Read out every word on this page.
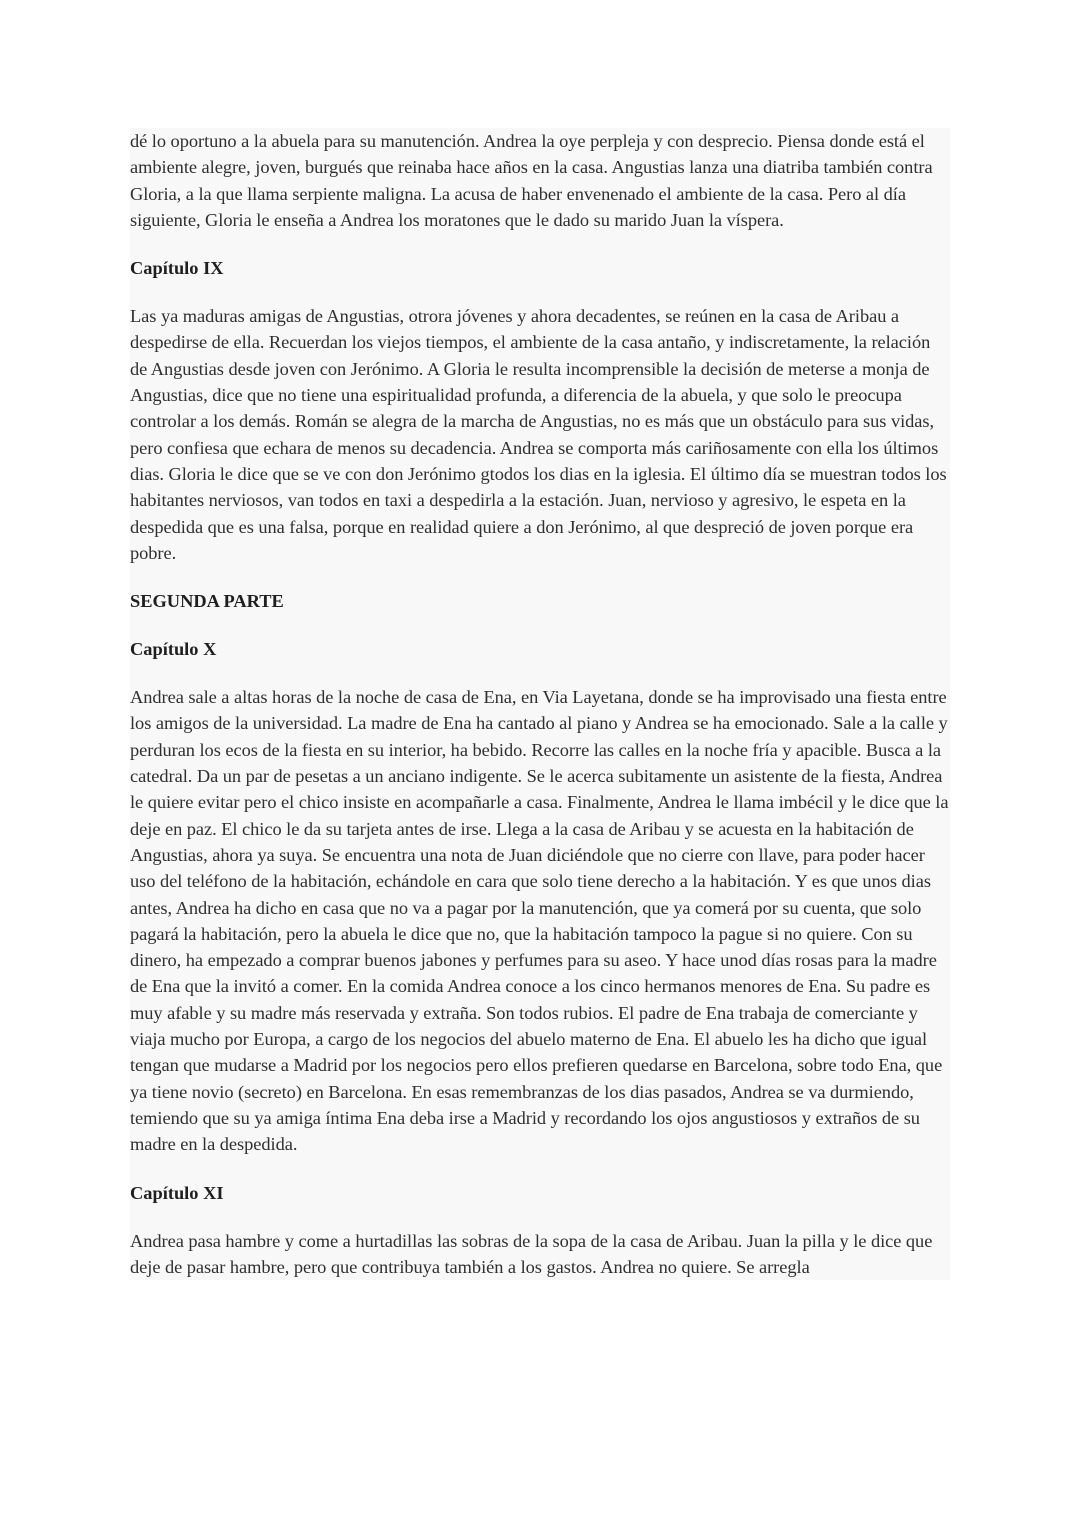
dé lo oportuno a la abuela para su manutención. Andrea la oye perpleja y con desprecio. Piensa donde está el ambiente alegre, joven, burgués que reinaba hace años en la casa. Angustias lanza una diatriba también contra Gloria, a la que llama serpiente maligna. La acusa de haber envenenado el ambiente de la casa. Pero al día siguiente, Gloria le enseña a Andrea los moratones que le dado su marido Juan la víspera.

Capítulo IX

Las ya maduras amigas de Angustias, otrora jóvenes y ahora decadentes, se reúnen en la casa de Aribau a despedirse de ella. Recuerdan los viejos tiempos, el ambiente de la casa antaño, y indiscretamente, la relación de Angustias desde joven con Jerónimo. A Gloria le resulta incomprensible la decisión de meterse a monja de Angustias, dice que no tiene una espiritualidad profunda, a diferencia de la abuela, y que solo le preocupa controlar a los demás. Román se alegra de la marcha de Angustias, no es más que un obstáculo para sus vidas, pero confiesa que echara de menos su decadencia. Andrea se comporta más cariñosamente con ella los últimos dias. Gloria le dice que se ve con don Jerónimo gtodos los dias en la iglesia. El último día se muestran todos los habitantes nerviosos, van todos en taxi a despedirla a la estación. Juan, nervioso y agresivo, le espeta en la despedida que es una falsa, porque en realidad quiere a don Jerónimo, al que despreció de joven porque era pobre.

SEGUNDA PARTE
Capítulo X

Andrea sale a altas horas de la noche de casa de Ena, en Via Layetana, donde se ha improvisado una fiesta entre los amigos de la universidad. La madre de Ena ha cantado al piano y Andrea se ha emocionado. Sale a la calle y perduran los ecos de la fiesta en su interior, ha bebido. Recorre las calles en la noche fría y apacible. Busca a la catedral. Da un par de pesetas a un anciano indigente. Se le acerca subitamente un asistente de la fiesta, Andrea le quiere evitar pero el chico insiste en acompañarle a casa. Finalmente, Andrea le llama imbécil y le dice que la deje en paz. El chico le da su tarjeta antes de irse. Llega a la casa de Aribau y se acuesta en la habitación de Angustias, ahora ya suya. Se encuentra una nota de Juan diciéndole que no cierre con llave, para poder hacer uso del teléfono de la habitación, echándole en cara que solo tiene derecho a la habitación. Y es que unos dias antes, Andrea ha dicho en casa que no va a pagar por la manutención, que ya comerá por su cuenta, que solo pagará la habitación, pero la abuela le dice que no, que la habitación tampoco la pague si no quiere. Con su dinero, ha empezado a comprar buenos jabones y perfumes para su aseo. Y hace unod días rosas para la madre de Ena que la invitó a comer. En la comida Andrea conoce a los cinco hermanos menores de Ena. Su padre es muy afable y su madre más reservada y extraña. Son todos rubios. El padre de Ena trabaja de comerciante y viaja mucho por Europa, a cargo de los negocios del abuelo materno de Ena. El abuelo les ha dicho que igual tengan que mudarse a Madrid por los negocios pero ellos prefieren quedarse en Barcelona, sobre todo Ena, que ya tiene novio (secreto) en Barcelona. En esas remembranzas de los dias pasados, Andrea se va durmiendo, temiendo que su ya amiga íntima Ena deba irse a Madrid y recordando los ojos angustiosos y extraños de su madre en la despedida.

Capítulo XI

Andrea pasa hambre y come a hurtadillas las sobras de la sopa de la casa de Aribau. Juan la pilla y le dice que deje de pasar hambre, pero que contribuya también a los gastos. Andrea no quiere. Se arregla
